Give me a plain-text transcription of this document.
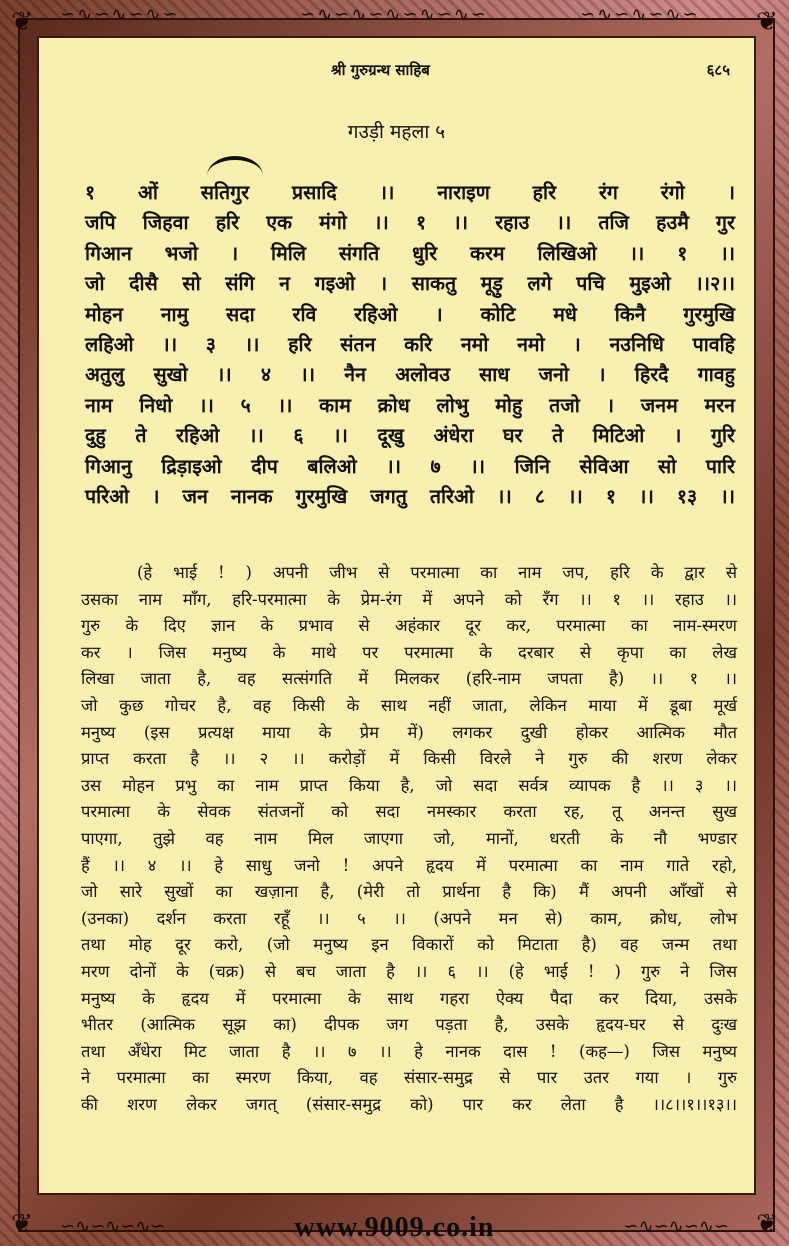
❦	❦
❦	❦
∽∿∽∿∽∿∽	∽∿∽∿∽∿∽∿∽∿∽	∽∿∽∿∽∿∽
श्री गुरुग्रन्थ साहिब	६८५
गउड़ी महला ५
१ ओं सतिगुर प्रसादि ।। नाराइण हरि रंग रंगो ।
जपि जिहवा हरि एक मंगो ।। १ ।। रहाउ ।। तजि हउमै गुर
गिआन भजो । मिलि संगति धुरि करम लिखिओ ।। १ ।।
जो दीसै सो संगि न गइओ । साकतु मूड़ु लगे पचि मुइओ ।।२।।
मोहन नामु सदा रवि रहिओ । कोटि मधे किनै गुरमुखि
लहिओ ।। ३ ।। हरि संतन करि नमो नमो । नउनिधि पावहि
अतुलु सुखो ।। ४ ।। नैन अलोवउ साध जनो । हिरदै गावहु
नाम निधो ।। ५ ।। काम क्रोध लोभु मोहु तजो । जनम मरन
दुहु ते रहिओ ।। ६ ।। दूखु अंधेरा घर ते मिटिओ । गुरि
गिआनु द्रिड़ाइओ दीप बलिओ ।। ७ ।। जिनि सेविआ सो पारि
परिओ । जन नानक गुरमुखि जगतु तरिओ ।। ८ ।। १ ।। १३ ।।
(हे भाई ! ) अपनी जीभ से परमात्मा का नाम जप, हरि के द्वार से
उसका नाम माँग, हरि-परमात्मा के प्रेम-रंग में अपने को रँग ।। १ ।। रहाउ ।।
गुरु के दिए ज्ञान के प्रभाव से अहंकार दूर कर, परमात्मा का नाम-स्मरण
कर । जिस मनुष्य के माथे पर परमात्मा के दरबार से कृपा का लेख
लिखा जाता है, वह सत्संगति में मिलकर (हरि-नाम जपता है) ।। १ ।।
जो कुछ गोचर है, वह किसी के साथ नहीं जाता, लेकिन माया में डूबा मूर्ख
मनुष्य (इस प्रत्यक्ष माया के प्रेम में) लगकर दुखी होकर आत्मिक मौत
प्राप्त करता है ।। २ ।। करोड़ों में किसी विरले ने गुरु की शरण लेकर
उस मोहन प्रभु का नाम प्राप्त किया है, जो सदा सर्वत्र व्यापक है ।। ३ ।।
परमात्मा के सेवक संतजनों को सदा नमस्कार करता रह, तू अनन्त सुख
पाएगा, तुझे वह नाम मिल जाएगा जो, मानों, धरती के नौ भण्डार
हैं ।। ४ ।। हे साधु जनो ! अपने हृदय में परमात्मा का नाम गाते रहो,
जो सारे सुखों का खज़ाना है, (मेरी तो प्रार्थना है कि) मैं अपनी आँखों से
(उनका) दर्शन करता रहूँ ।। ५ ।। (अपने मन से) काम, क्रोध, लोभ
तथा मोह दूर करो, (जो मनुष्य इन विकारों को मिटाता है) वह जन्म तथा
मरण दोनों के (चक्र) से बच जाता है ।। ६ ।। (हे भाई ! ) गुरु ने जिस
मनुष्य के हृदय में परमात्मा के साथ गहरा ऐक्य पैदा कर दिया, उसके
भीतर (आत्मिक सूझ का) दीपक जग पड़ता है, उसके हृदय-घर से दुःख
तथा अँधेरा मिट जाता है ।। ७ ।। हे नानक दास ! (कह—) जिस मनुष्य
ने परमात्मा का स्मरण किया, वह संसार-समुद्र से पार उतर गया । गुरु
की शरण लेकर जगत् (संसार-समुद्र को) पार कर लेता है ।।८।।१।।१३।।
∽∿∽∿∽∿∽	www.9009.co.in	∽∿∽∿∽∿∽
